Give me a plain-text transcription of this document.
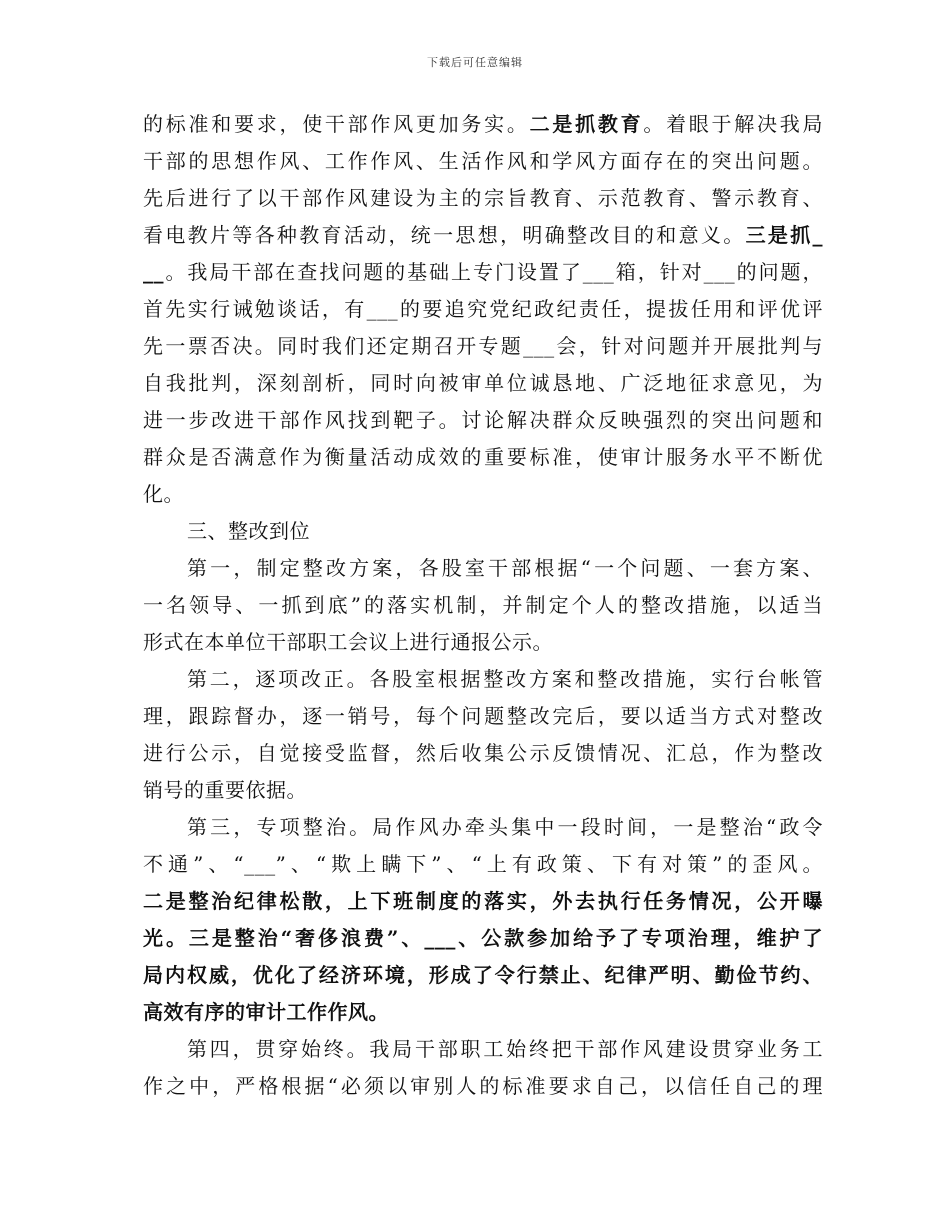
下载后可任意编辑
的标准和要求，使干部作风更加务实。二是抓教育。着眼于解决我局
干部的思想作风、工作作风、生活作风和学风方面存在的突出问题。
先后进行了以干部作风建设为主的宗旨教育、示范教育、警示教育、
看电教片等各种教育活动，统一思想，明确整改目的和意义。三是抓_
__。我局干部在查找问题的基础上专门设置了___箱，针对___的问题，
首先实行诫勉谈话，有___的要追究党纪政纪责任，提拔任用和评优评
先一票否决。同时我们还定期召开专题___会，针对问题并开展批判与
自我批判，深刻剖析，同时向被审单位诚恳地、广泛地征求意见，为
进一步改进干部作风找到靶子。讨论解决群众反映强烈的突出问题和
群众是否满意作为衡量活动成效的重要标准，使审计服务水平不断优
化。
三、整改到位
第一，制定整改方案，各股室干部根据“一个问题、一套方案、
一名领导、一抓到底”的落实机制，并制定个人的整改措施，以适当
形式在本单位干部职工会议上进行通报公示。
第二，逐项改正。各股室根据整改方案和整改措施，实行台帐管
理，跟踪督办，逐一销号，每个问题整改完后，要以适当方式对整改
进行公示，自觉接受监督，然后收集公示反馈情况、汇总，作为整改
销号的重要依据。
第三，专项整治。局作风办牵头集中一段时间，一是整治“政令
不通”、“___”、“欺上瞒下”、“上有政策、下有对策”的歪风。
二是整治纪律松散，上下班制度的落实，外去执行任务情况，公开曝
光。三是整治“奢侈浪费”、___、公款参加给予了专项治理，维护了
局内权威，优化了经济环境，形成了令行禁止、纪律严明、勤俭节约、
高效有序的审计工作作风。
第四，贯穿始终。我局干部职工始终把干部作风建设贯穿业务工
作之中，严格根据“必须以审别人的标准要求自己，以信任自己的理
